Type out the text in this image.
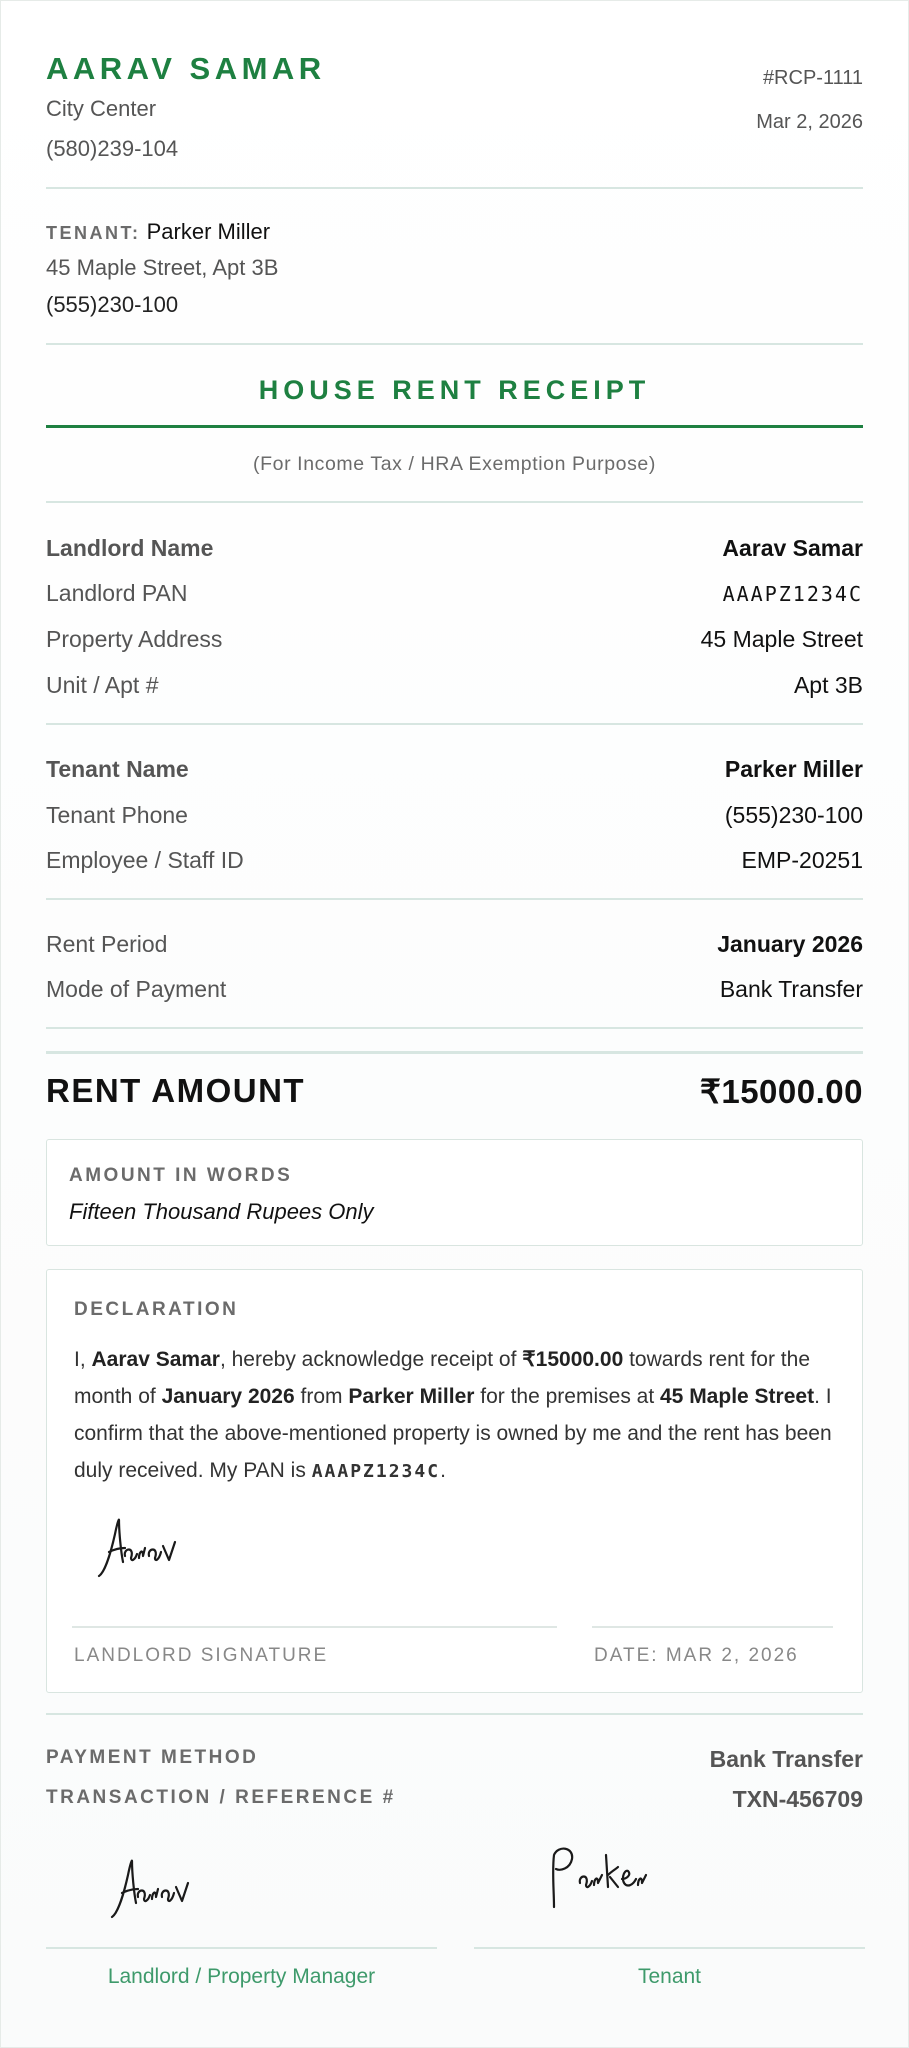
AARAV SAMAR
City Center
(580)239-104
#RCP-1111
Mar 2, 2026
TENANT: Parker Miller
45 Maple Street, Apt 3B
(555)230-100
HOUSE RENT RECEIPT
(For Income Tax / HRA Exemption Purpose)
Landlord Name	Aarav Samar
Landlord PAN	AAAPZ1234C
Property Address	45 Maple Street
Unit / Apt #	Apt 3B
Tenant Name	Parker Miller
Tenant Phone	(555)230-100
Employee / Staff ID	EMP-20251
Rent Period	January 2026
Mode of Payment	Bank Transfer
RENT AMOUNT	₹15000.00
AMOUNT IN WORDS
Fifteen Thousand Rupees Only
DECLARATION
I, Aarav Samar, hereby acknowledge receipt of ₹15000.00 towards rent for the month of January 2026 from Parker Miller for the premises at 45 Maple Street. I confirm that the above-mentioned property is owned by me and the rent has been duly received. My PAN is AAAPZ1234C.
LANDLORD SIGNATURE	DATE: MAR 2, 2026
PAYMENT METHOD	Bank Transfer
TRANSACTION / REFERENCE #	TXN-456709
Landlord / Property Manager	Tenant
